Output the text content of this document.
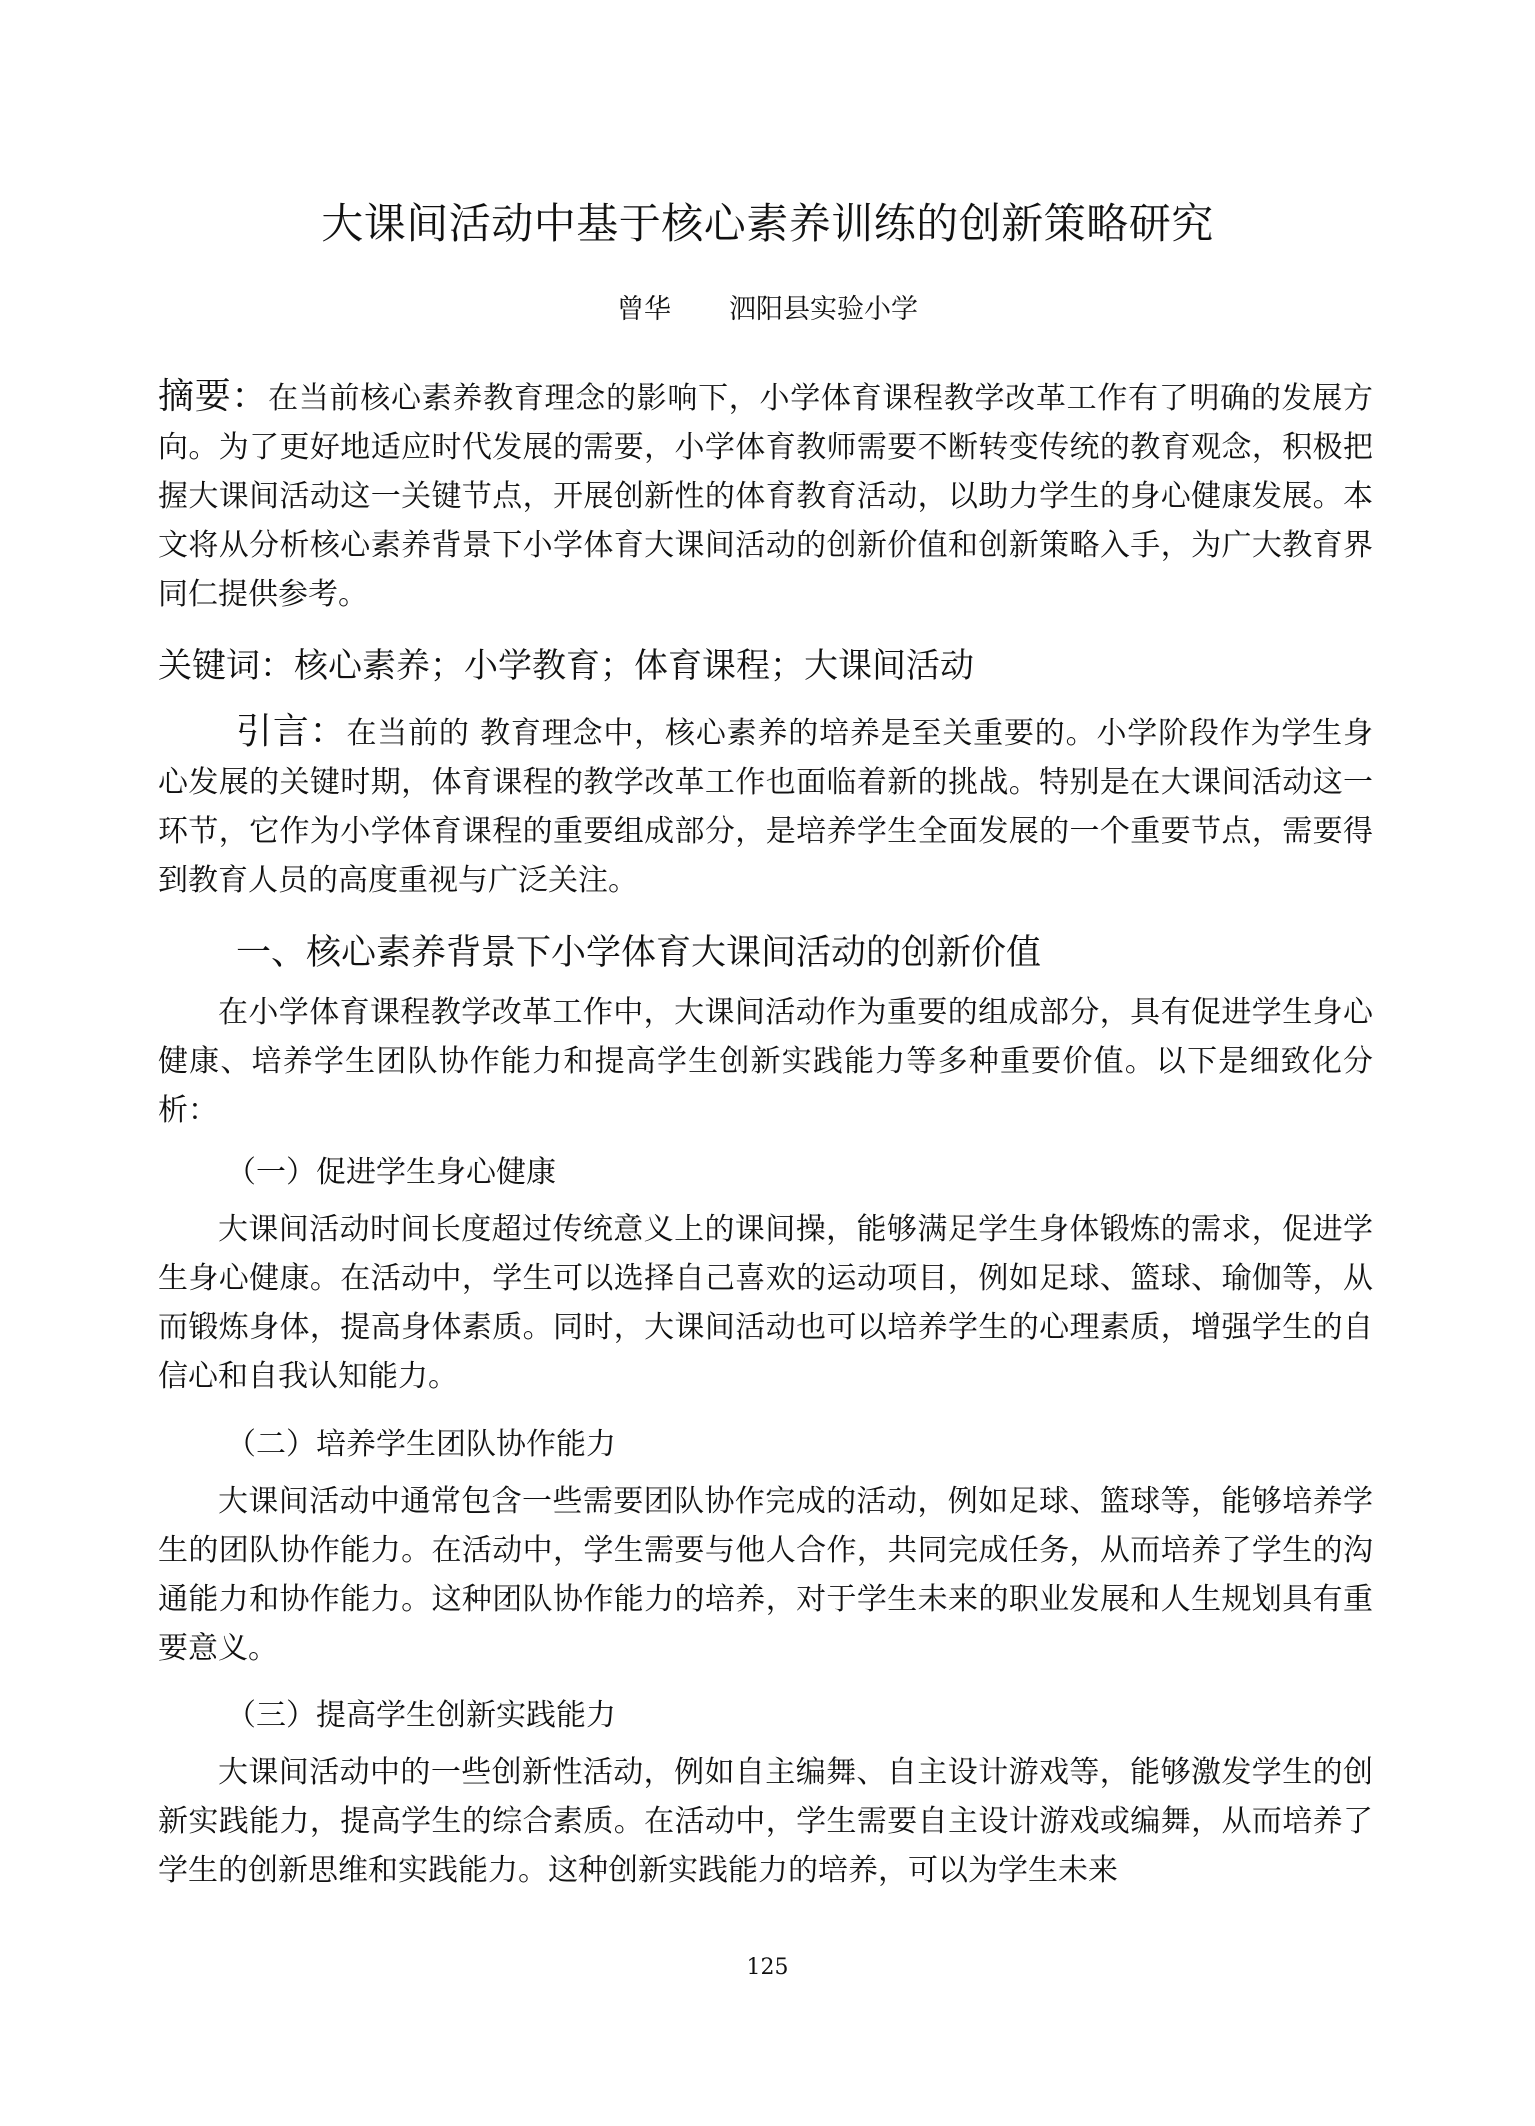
大课间活动中基于核心素养训练的创新策略研究
曾华 泗阳县实验小学

摘要：在当前核心素养教育理念的影响下，小学体育课程教学改革工作有了明确的发展方向。为了更好地适应时代发展的需要，小学体育教师需要不断转变传统的教育观念，积极把握大课间活动这一关键节点，开展创新性的体育教育活动，以助力学生的身心健康发展。本文将从分析核心素养背景下小学体育大课间活动的创新价值和创新策略入手，为广大教育界同仁提供参考。

关键词：核心素养；小学教育；体育课程；大课间活动

引言：在当前的 教育理念中，核心素养的培养是至关重要的。小学阶段作为学生身心发展的关键时期，体育课程的教学改革工作也面临着新的挑战。特别是在大课间活动这一环节，它作为小学体育课程的重要组成部分，是培养学生全面发展的一个重要节点，需要得到教育人员的高度重视与广泛关注。

一、核心素养背景下小学体育大课间活动的创新价值

在小学体育课程教学改革工作中，大课间活动作为重要的组成部分，具有促进学生身心健康、培养学生团队协作能力和提高学生创新实践能力等多种重要价值。以下是细致化分析：

（一）促进学生身心健康

大课间活动时间长度超过传统意义上的课间操，能够满足学生身体锻炼的需求，促进学生身心健康。在活动中，学生可以选择自己喜欢的运动项目，例如足球、篮球、瑜伽等，从而锻炼身体，提高身体素质。同时，大课间活动也可以培养学生的心理素质，增强学生的自信心和自我认知能力。

（二）培养学生团队协作能力

大课间活动中通常包含一些需要团队协作完成的活动，例如足球、篮球等，能够培养学生的团队协作能力。在活动中，学生需要与他人合作，共同完成任务，从而培养了学生的沟通能力和协作能力。这种团队协作能力的培养，对于学生未来的职业发展和人生规划具有重要意义。

（三）提高学生创新实践能力

大课间活动中的一些创新性活动，例如自主编舞、自主设计游戏等，能够激发学生的创新实践能力，提高学生的综合素质。在活动中，学生需要自主设计游戏或编舞，从而培养了学生的创新思维和实践能力。这种创新实践能力的培养，可以为学生未来

125
